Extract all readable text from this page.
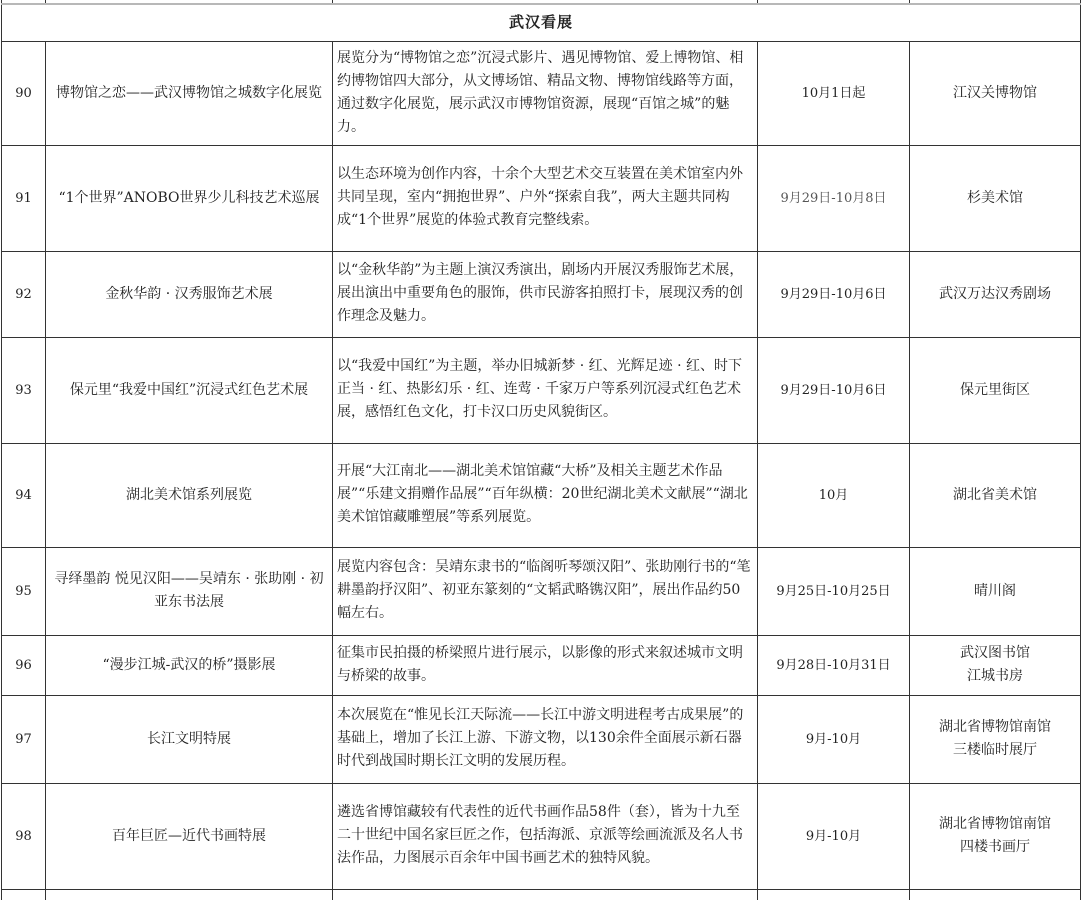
武汉看展				
90	博物馆之恋——武汉博物馆之城数字化展览	展览分为“博物馆之恋”沉浸式影片、遇见博物馆、爱上博物馆、相约博物馆四大部分，从文博场馆、精品文物、博物馆线路等方面，通过数字化展览，展示武汉市博物馆资源，展现“百馆之城”的魅力。	10月1日起	江汉关博物馆

91	“1个世界”ANOBO世界少儿科技艺术巡展	以生态环境为创作内容，十余个大型艺术交互装置在美术馆室内外共同呈现，室内“拥抱世界”、户外“探索自我”，两大主题共同构成“1个世界”展览的体验式教育完整线索。	9月29日-10月8日	杉美术馆

92	金秋华韵 · 汉秀服饰艺术展	以“金秋华韵”为主题上演汉秀演出，剧场内开展汉秀服饰艺术展，展出演出中重要角色的服饰，供市民游客拍照打卡，展现汉秀的创作理念及魅力。	9月29日-10月6日	武汉万达汉秀剧场

93	保元里“我爱中国红”沉浸式红色艺术展	以“我爱中国红”为主题，举办旧城新梦 · 红、光辉足迹 · 红、时下正当 · 红、热影幻乐 · 红、连莺 · 千家万户等系列沉浸式红色艺术展，感悟红色文化，打卡汉口历史风貌街区。	9月29日-10月6日	保元里街区

94	湖北美术馆系列展览	开展“大江南北——湖北美术馆馆藏“大桥”及相关主题艺术作品展”“乐建文捐赠作品展”“百年纵横：20世纪湖北美术文献展”“湖北美术馆馆藏雕塑展”等系列展览。	10月	湖北省美术馆

95	寻绎墨韵 悦见汉阳——吴靖东 · 张助刚 · 初亚东书法展	展览内容包含：吴靖东隶书的“临阁听琴颂汉阳”、张助刚行书的“笔耕墨韵抒汉阳”、初亚东篆刻的“文韬武略镌汉阳”，展出作品约50幅左右。	9月25日-10月25日	晴川阁

96	“漫步江城-武汉的桥”摄影展	征集市民拍摄的桥梁照片进行展示，以影像的形式来叙述城市文明与桥梁的故事。	9月28日-10月31日	武汉图书馆
江城书房

97	长江文明特展	本次展览在“惟见长江天际流——长江中游文明进程考古成果展”的基础上，增加了长江上游、下游文物，以130余件全面展示新石器时代到战国时期长江文明的发展历程。	9月-10月	湖北省博物馆南馆
三楼临时展厅

98	百年巨匠—近代书画特展	遴选省博馆藏较有代表性的近代书画作品58件（套），皆为十九至二十世纪中国名家巨匠之作，包括海派、京派等绘画流派及名人书法作品，力图展示百余年中国书画艺术的独特风貌。	9月-10月	湖北省博物馆南馆
四楼书画厅
